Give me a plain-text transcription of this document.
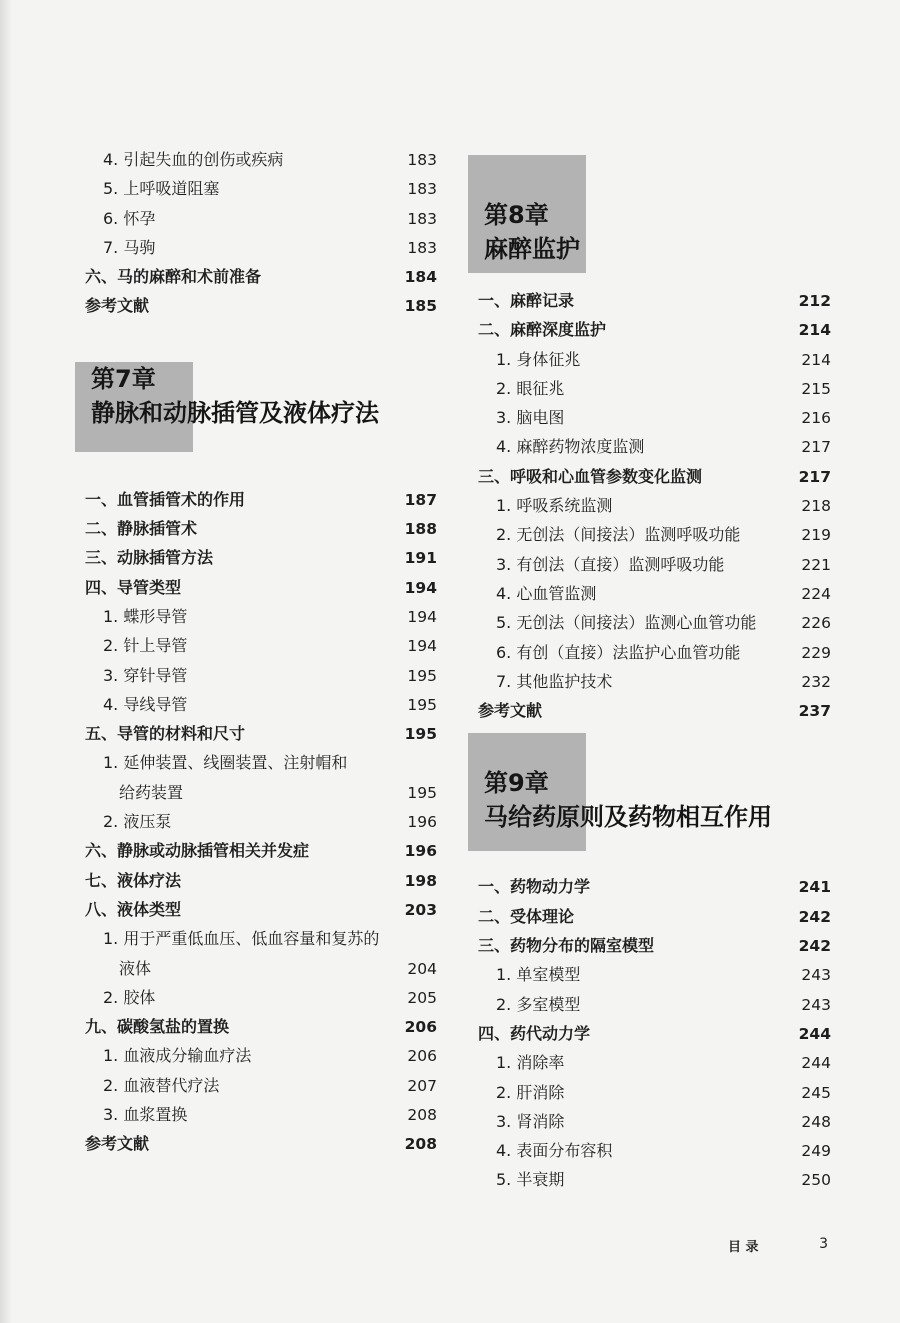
4. 引起失血的创伤或疾病	183
5. 上呼吸道阻塞	183
6. 怀孕	183
7. 马驹	183
六、马的麻醉和术前准备	184
参考文献	185
第7章
静脉和动脉插管及液体疗法
一、血管插管术的作用	187
二、静脉插管术	188
三、动脉插管方法	191
四、导管类型	194
1. 蝶形导管	194
2. 针上导管	194
3. 穿针导管	195
4. 导线导管	195
五、导管的材料和尺寸	195
1. 延伸装置、线圈装置、注射帽和
给药装置	195
2. 液压泵	196
六、静脉或动脉插管相关并发症	196
七、液体疗法	198
八、液体类型	203
1. 用于严重低血压、低血容量和复苏的
液体	204
2. 胶体	205
九、碳酸氢盐的置换	206
1. 血液成分输血疗法	206
2. 血液替代疗法	207
3. 血浆置换	208
参考文献	208
第8章
麻醉监护
一、麻醉记录	212
二、麻醉深度监护	214
1. 身体征兆	214
2. 眼征兆	215
3. 脑电图	216
4. 麻醉药物浓度监测	217
三、呼吸和心血管参数变化监测	217
1. 呼吸系统监测	218
2. 无创法（间接法）监测呼吸功能	219
3. 有创法（直接）监测呼吸功能	221
4. 心血管监测	224
5. 无创法（间接法）监测心血管功能	226
6. 有创（直接）法监护心血管功能	229
7. 其他监护技术	232
参考文献	237
第9章
马给药原则及药物相互作用
一、药物动力学	241
二、受体理论	242
三、药物分布的隔室模型	242
1. 单室模型	243
2. 多室模型	243
四、药代动力学	244
1. 消除率	244
2. 肝消除	245
3. 肾消除	248
4. 表面分布容积	249
5. 半衰期	250
目 录	3
